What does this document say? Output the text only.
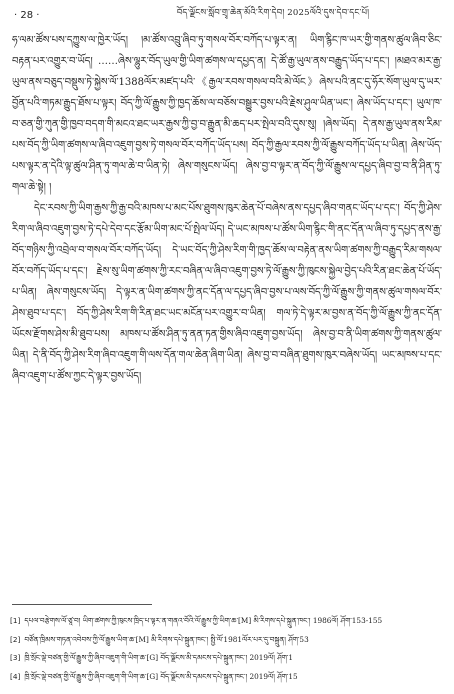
· 28 ·	བོད་ལྗོངས་སློབ་གྲྭ་ཆེན་མོའི་རིག་དེབ། 2025ལོའི་དུས་དེབ་དང་པོ།

ཧ་ལམ་ཚོས་པས་དཀྱུས་ལ་ཁྱེར་ཡོད། །མ་ཚོས་འབྲུ་ཞིབ་ཏུ་གསལ་བོར་བཀོད་པ་ལྟར་ན། ཡིག་རྙིང་ཁ་ཡར་གྱི་གནས་ཚུལ་ཞིབ་ཅིང་བརྟན་པར་འགྱུར་བ་ཡོད། ……ཞེས་ལྷུར་བོད་ཡུལ་གྱི་ཡིག་ཚགས་ལ་དཔྱད་ན། དེ་ཚོ་རྒྱ་ཡུལ་ནས་བརྒྱུད་ཡོད་པ་དང་། །མཐའ་མར་རྒྱ་ཡུལ་ནས་བཅུད་བསྡུས་ཏེ་སྐྱེས་ལོ་1388ལོར་མཛད་པའི་《རྒྱལ་རབས་གསལ་བའི་མེ་ལོང》ཞེས་པའི་ནང་དུ་ཧོར་སོག་ཡུལ་དུ་ཡར་བྱོན་པའི་གཏམ་རྒྱུད་ཐོས་པ་ལྟར། བོད་ཀྱི་ལོ་རྒྱུས་ཀྱི་ཁྱད་ཆོས་ལ་བཅོས་བསྒྱུར་བྱས་པའི་རྗེས་ཤུལ་ཡིན་ཡང་། ཞེས་ཡོད་པ་དང་། ཡུལ་ཁ་བ་ཅན་གྱི་ཀུན་གྱི་ཁྱབ་བདག་གི་མངའ་ཐང་ཡར་རྒྱས་ཀྱི་བྱ་བ་རྒྱུན་མི་ཆད་པར་སྤེལ་བའི་དུས་སུ། །ཞེས་ཡོད། དེ་ནས་རྒྱ་ཡུལ་ནས་རིམ་པས་བོད་ཀྱི་ཡིག་ཚགས་ལ་ཞིབ་འཇུག་བྱས་ཏེ་གསལ་བོར་བཀོད་ཡོད་པས། བོད་ཀྱི་རྒྱལ་རབས་ཀྱི་ལོ་རྒྱུས་བཀོད་ཡོད་པ་ཡིན། ཞེས་ཡོད་པས་ལྟར་ན་དེའི་ལྟ་ཚུལ་ཤིན་ཏུ་གལ་ཆེ་བ་ཡིན་ཏེ། ཞེས་གསུངས་ཡོད། ཞེས་བྱ་བ་ལྟར་ན་བོད་ཀྱི་ལོ་རྒྱུས་ལ་དཔྱད་ཞིབ་བྱ་བ་ནི་ཤིན་ཏུ་གལ་ཆེ་སྟེ། །

དེང་རབས་ཀྱི་ཡིག་རྒྱས་ཀྱི་རྒྱ་བའི་མཁས་པ་མང་པོས་ཐུགས་ཁུར་ཆེན་པོ་བཞེས་ནས་དཔྱད་ཞིབ་གནང་ཡོད་པ་དང་། བོད་ཀྱི་ཤེས་རིག་ལ་ཞིབ་འཇུག་བྱས་ཏེ་དཔེ་དེབ་དང་རྩོམ་ཡིག་མང་པོ་སྤེལ་ཡོད། དེ་ཡང་མཁས་པ་ཚོས་ཡིག་རྙིང་གི་ནང་དོན་ལ་ཞིབ་ཏུ་དཔྱད་ནས་རྒྱ་བོད་གཉིས་ཀྱི་འབྲེལ་བ་གསལ་བོར་བཀོད་ཡོད། དེ་ཡང་བོད་ཀྱི་ཤེས་རིག་གི་ཁྱད་ཆོས་ལ་བརྟེན་ནས་ཡིག་ཚགས་ཀྱི་བརྒྱུད་རིམ་གསལ་བོར་བཀོད་ཡོད་པ་དང་། རྗེས་སུ་ཡིག་ཚགས་ཀྱི་རང་བཞིན་ལ་ཞིབ་འཇུག་བྱས་ཏེ་ལོ་རྒྱུས་ཀྱི་ཁུངས་སྐྱེལ་བྱེད་པའི་རིན་ཐང་ཆེན་པོ་ཡོད་པ་ཡིན། ཞེས་གསུངས་ཡོད། དེ་ལྟར་ན་ཡིག་ཚགས་ཀྱི་ནང་དོན་ལ་དཔྱད་ཞིབ་བྱས་པ་ལས་བོད་ཀྱི་ལོ་རྒྱུས་ཀྱི་གནས་ཚུལ་གསལ་བོར་ཤེས་ཐུབ་པ་དང་། བོད་ཀྱི་ཤེས་རིག་གི་རིན་ཐང་ཡང་མངོན་པར་འགྱུར་བ་ཡིན། གལ་ཏེ་དེ་ལྟར་མ་བྱས་ན་བོད་ཀྱི་ལོ་རྒྱུས་ཀྱི་ནང་དོན་ཡོངས་རྫོགས་ཤེས་མི་ཐུབ་པས། མཁས་པ་ཚོས་ཤིན་ཏུ་ནན་ཏན་གྱིས་ཞིབ་འཇུག་བྱས་ཡོད། ཞེས་བྱ་བ་ནི་ཡིག་ཚགས་ཀྱི་གནས་ཚུལ་ཡིན། དེ་ནི་བོད་ཀྱི་ཤེས་རིག་ཞིབ་འཇུག་གི་ལས་དོན་གལ་ཆེན་ཞིག་ཡིན། ཞེས་བྱ་བ་བཞིན་ཐུགས་ཁུར་བཞེས་ཡོད། ཡང་མཁས་པ་དང་ཞིབ་འཇུག་པ་ཚོས་ཀྱང་དེ་ལྟར་བྱས་ཡོད།

[1] དཔལ་བརྩེགས་ལོ་ཙཱ་བ། ཡིག་ཚགས་ཀྱི་ཁུངས་ཁྲིད་པ་ལྟར་ན་གནའ་བོའི་ལོ་རྒྱུས་ཀྱི་ཡིག་ཆ་[M] མི་རིགས་དཔེ་སྐྲུན་ཁང་། 1986ལོ། ཤོག་153-155
[2] བཙོན་ཁྲིམས་གཏན་འབེབས་ཀྱི་ལོ་རྒྱུས་ཡིག་ཆ་[M] མི་རིགས་དཔེ་སྐྲུན་ཁང་། སྤྱི་ལོ་1981ལོར་པར་དུ་བསྐྲུན། ཤོག་53
[3] ཁྲི་སྲོང་ལྡེ་བཙན་གྱི་ལོ་རྒྱུས་ཀྱི་ཞིབ་འཇུག་གི་ཡིག་ཆ་[G] བོད་ལྗོངས་མི་དམངས་དཔེ་སྐྲུན་ཁང་། 2019ལོ། ཤོག་1
[4] ཁྲི་སྲོང་ལྡེ་བཙན་གྱི་ལོ་རྒྱུས་ཀྱི་ཞིབ་འཇུག་གི་ཡིག་ཆ་[G] བོད་ལྗོངས་མི་དམངས་དཔེ་སྐྲུན་ཁང་། 2019ལོ། ཤོག་15
